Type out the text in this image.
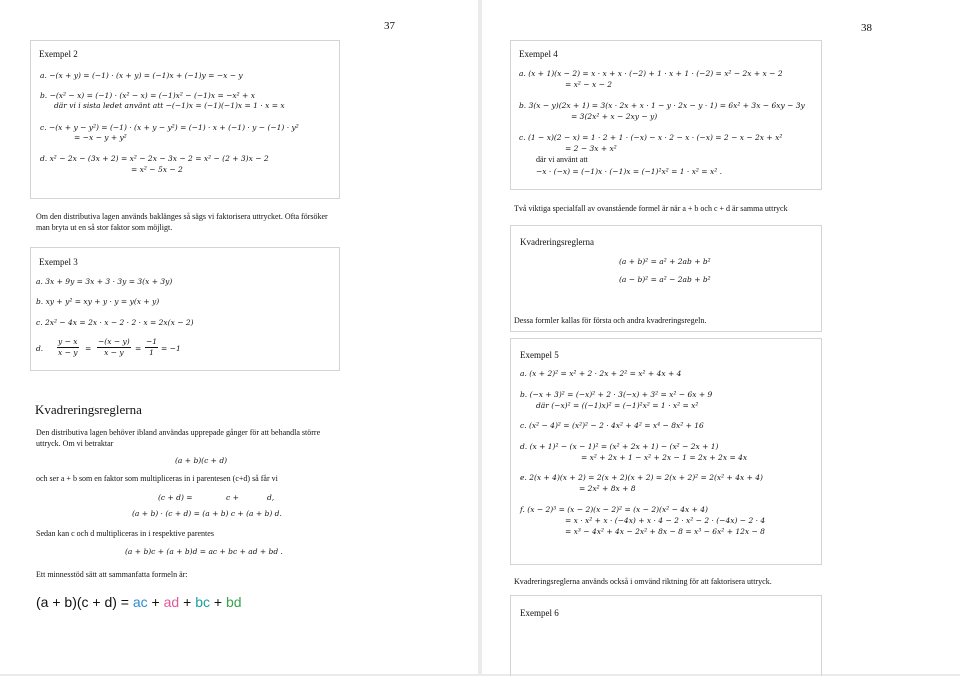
37
Exempel 2
a. −(x + y) = (−1) · (x + y) = (−1)x + (−1)y = −x − y
b. −(x² − x) = (−1) · (x² − x) = (−1)x² − (−1)x = −x² + x
där vi i sista ledet använt att −(−1)x = (−1)(−1)x = 1 · x = x
c. −(x + y − y²) = (−1) · (x + y − y²) = (−1) · x + (−1) · y − (−1) · y²
= −x − y + y²
d. x² − 2x − (3x + 2) = x² − 2x − 3x − 2 = x² − (2 + 3)x − 2
= x² − 5x − 2
Om den distributiva lagen används baklänges så sägs vi faktorisera uttrycket. Ofta försöker
man bryta ut en så stor faktor som möjligt.
Exempel 3
a. 3x + 9y = 3x + 3 · 3y = 3(x + 3y)
b. xy + y² = xy + y · y = y(x + y)
c. 2x² − 4x = 2x · x − 2 · 2 · x = 2x(x − 2)
d. $\frac{y - x}{x - y} = \frac{-(x - y)}{x - y} = \frac{-1}{1} = -1$
Kvadreringsreglerna
Den distributiva lagen behöver ibland användas upprepade gånger för att behandla större
uttryck. Om vi betraktar
(a + b)(c + d)
och ser a + b som en faktor som multipliceras in i parentesen (c+d) så får vi
(c + d) =	c +	d,
(a + b) · (c + d) = (a + b) c + (a + b) d.
Sedan kan c och d multipliceras in i respektive parentes
(a + b)c + (a + b)d = ac + bc + ad + bd .
Ett minnesstöd sätt att sammanfatta formeln är:
(a + b)(c + d) = ac + ad + bc + bd
38
Exempel 4
a. (x + 1)(x − 2) = x · x + x · (−2) + 1 · x + 1 · (−2) = x² − 2x + x − 2
= x² − x − 2
b. 3(x − y)(2x + 1) = 3(x · 2x + x · 1 − y · 2x − y · 1) = 6x² + 3x − 6xy − 3y
= 3(2x² + x − 2xy − y)
c. (1 − x)(2 − x) = 1 · 2 + 1 · (−x) − x · 2 − x · (−x) = 2 − x − 2x + x²
= 2 − 3x + x²
där vi använt att
−x · (−x) = (−1)x · (−1)x = (−1)²x² = 1 · x² = x² .
Två viktiga specialfall av ovanstående formel är när a + b och c + d är samma uttryck
Kvadreringsreglerna
(a + b)² = a² + 2ab + b²
(a − b)² = a² − 2ab + b²
Dessa formler kallas för första och andra kvadreringsregeln.
Exempel 5
a. (x + 2)² = x² + 2 · 2x + 2² = x² + 4x + 4
b. (−x + 3)² = (−x)² + 2 · 3(−x) + 3² = x² − 6x + 9
där (−x)² = ((−1)x)² = (−1)²x² = 1 · x² = x²
c. (x² − 4)² = (x²)² − 2 · 4x² + 4² = x⁴ − 8x² + 16
d. (x + 1)² − (x − 1)² = (x² + 2x + 1) − (x² − 2x + 1)
= x² + 2x + 1 − x² + 2x − 1 = 2x + 2x = 4x
e. 2(x + 4)(x + 2) = 2(x + 2)(x + 2) = 2(x + 2)² = 2(x² + 4x + 4)
= 2x² + 8x + 8
f. (x − 2)³ = (x − 2)(x − 2)² = (x − 2)(x² − 4x + 4)
= x · x² + x · (−4x) + x · 4 − 2 · x² − 2 · (−4x) − 2 · 4
= x³ − 4x² + 4x − 2x² + 8x − 8 = x³ − 6x² + 12x − 8
Kvadreringsreglerna används också i omvänd riktning för att faktorisera uttryck.
Exempel 6
